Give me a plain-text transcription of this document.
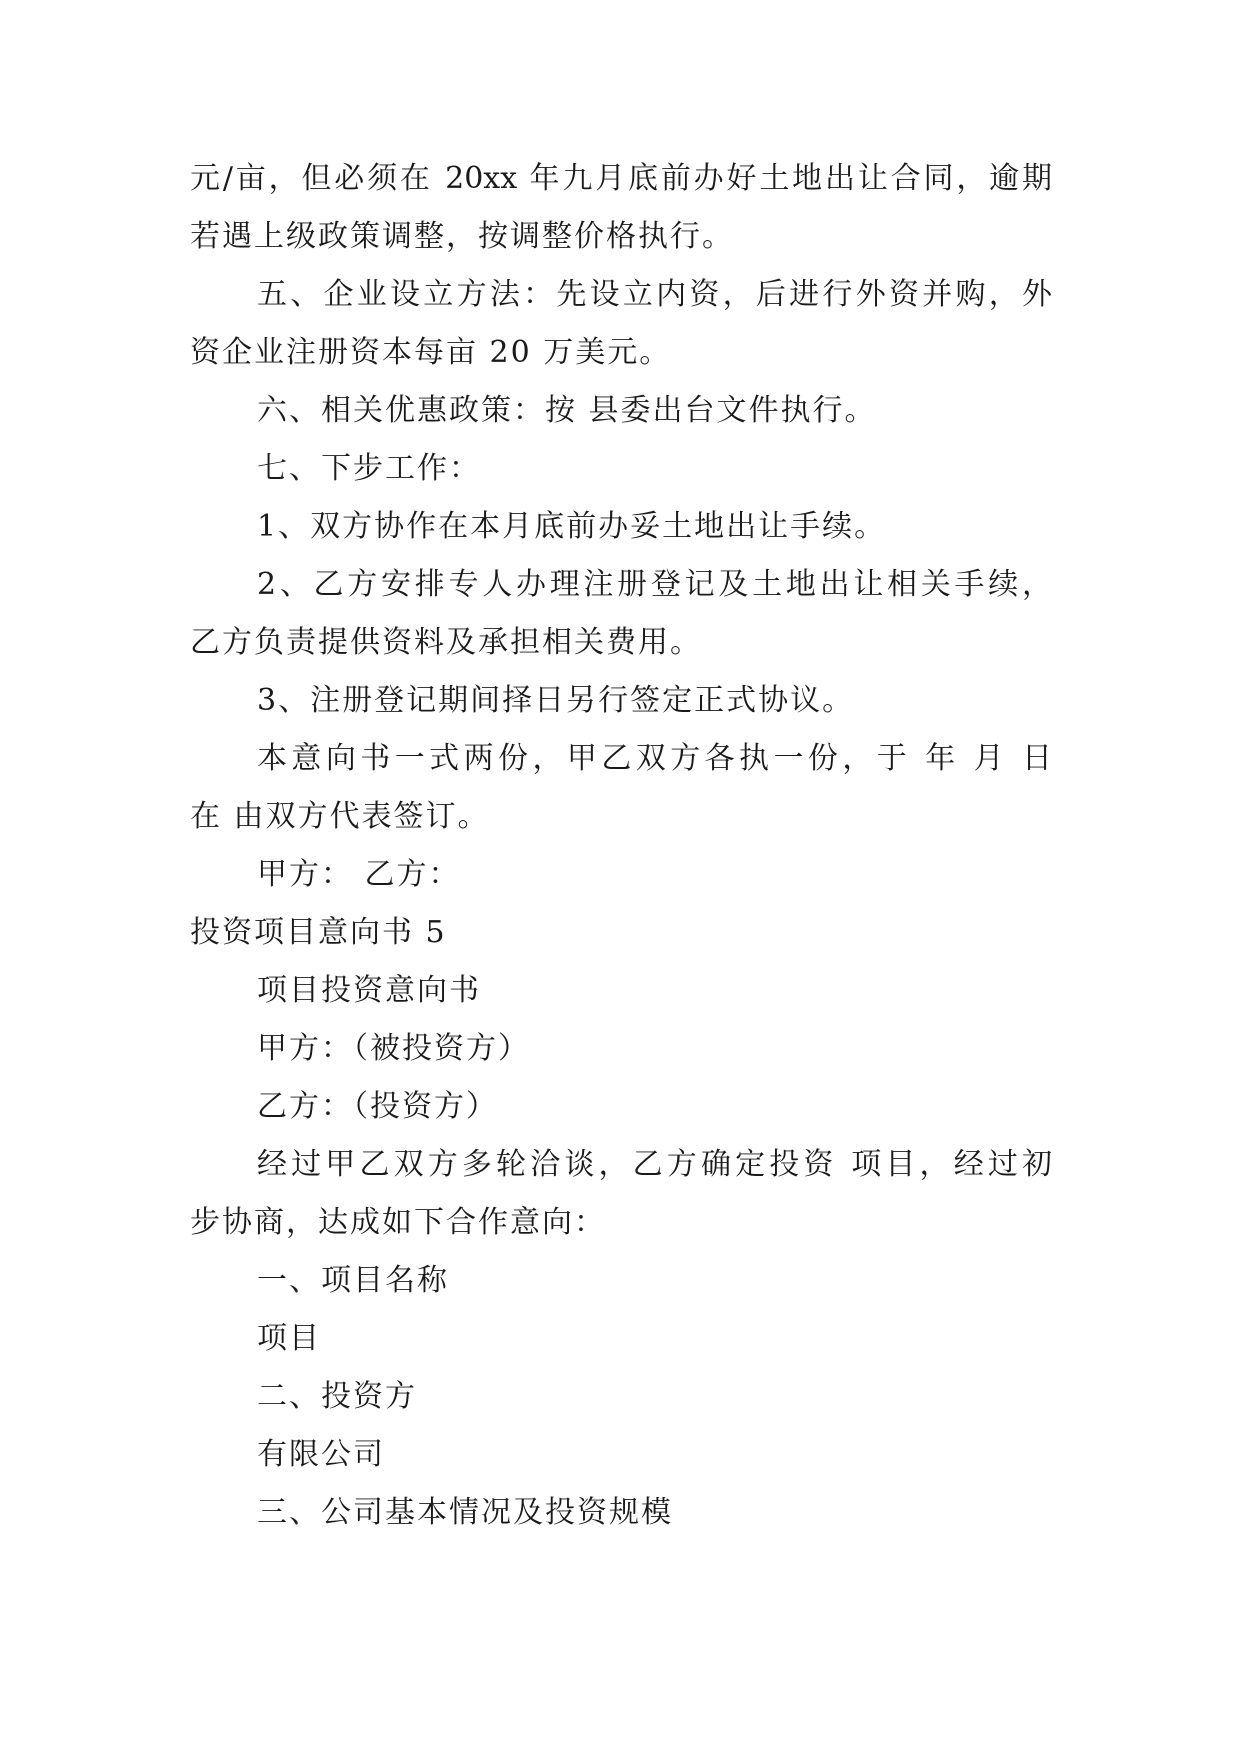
元/亩，但必须在 20xx 年九月底前办好土地出让合同，逾期
若遇上级政策调整，按调整价格执行。
五、企业设立方法：先设立内资，后进行外资并购，外
资企业注册资本每亩 20 万美元。
六、相关优惠政策：按 县委出台文件执行。
七、下步工作：
1、双方协作在本月底前办妥土地出让手续。
2、乙方安排专人办理注册登记及土地出让相关手续，
乙方负责提供资料及承担相关费用。
3、注册登记期间择日另行签定正式协议。
本意向书一式两份，甲乙双方各执一份，于 年 月 日
在 由双方代表签订。
甲方： 乙方：
投资项目意向书 5
项目投资意向书
甲方：（被投资方）
乙方：（投资方）
经过甲乙双方多轮洽谈，乙方确定投资 项目，经过初
步协商，达成如下合作意向：
一、项目名称
项目
二、投资方
有限公司
三、公司基本情况及投资规模
